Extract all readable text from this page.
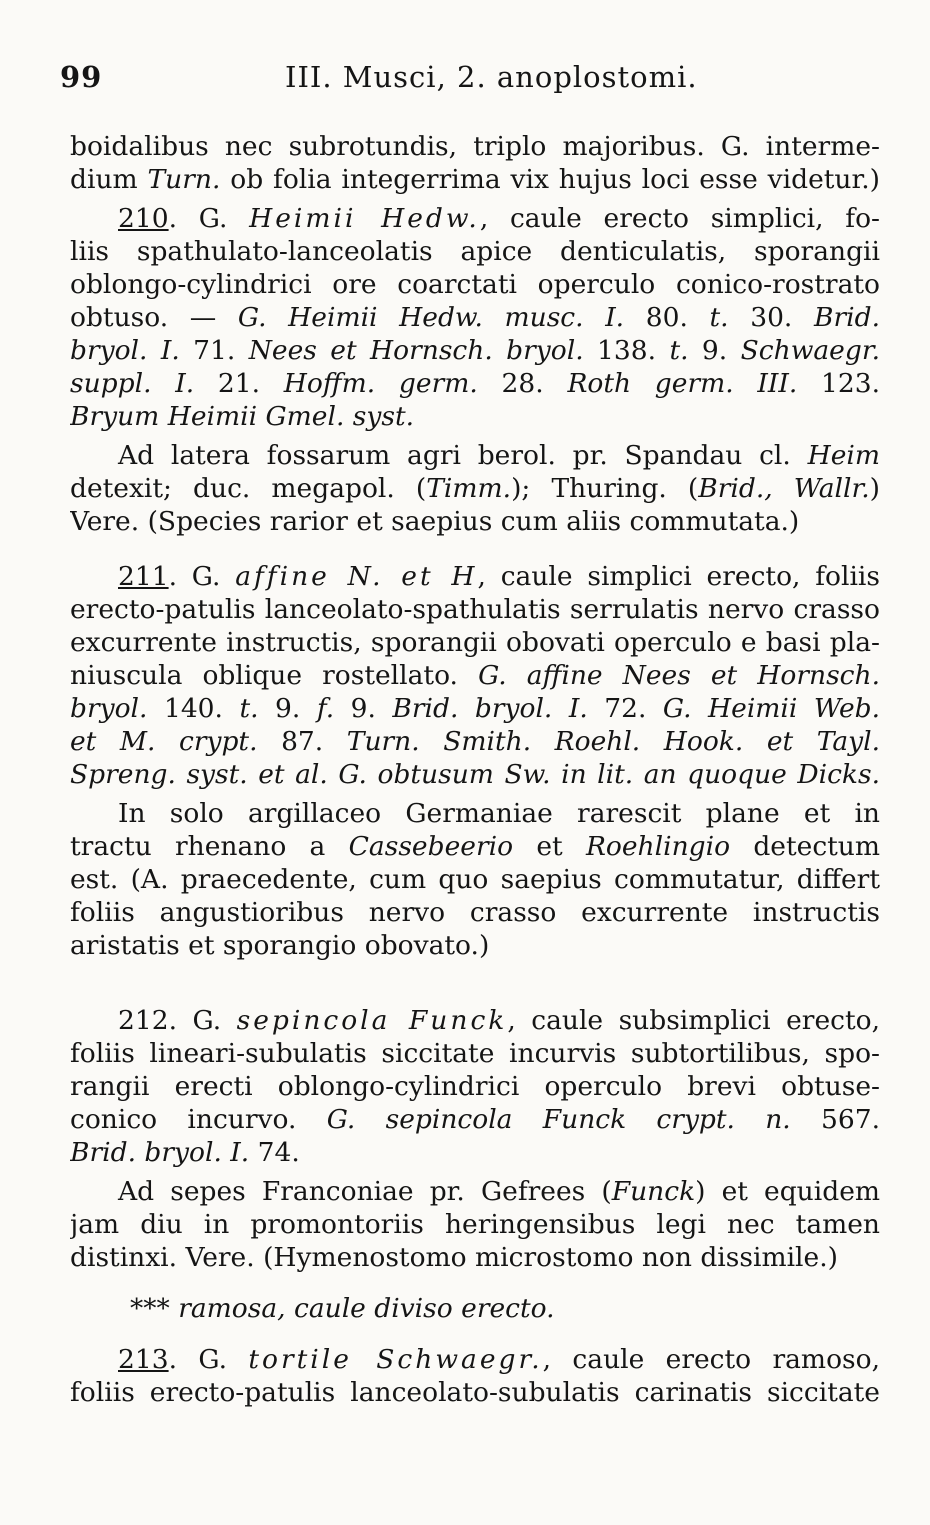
99	III. Musci, 2. anoplostomi.
boidalibus nec subrotundis, triplo majoribus. G. interme-
dium Turn. ob folia integerrima vix hujus loci esse videtur.)
210. G. Heimii Hedw., caule erecto simplici, fo-
liis spathulato-lanceolatis apice denticulatis, sporangii
oblongo-cylindrici ore coarctati operculo conico-rostrato
obtuso. — G. Heimii Hedw. musc. I. 80. t. 30. Brid.
bryol. I. 71. Nees et Hornsch. bryol. 138. t. 9. Schwaegr.
suppl. I. 21. Hoffm. germ. 28. Roth germ. III. 123.
Bryum Heimii Gmel. syst.
Ad latera fossarum agri berol. pr. Spandau cl. Heim
detexit; duc. megapol. (Timm.); Thuring. (Brid., Wallr.)
Vere. (Species rarior et saepius cum aliis commutata.)
211. G. affine N. et H, caule simplici erecto, foliis
erecto-patulis lanceolato-spathulatis serrulatis nervo crasso
excurrente instructis, sporangii obovati operculo e basi pla-
niuscula oblique rostellato. G. affine Nees et Hornsch.
bryol. 140. t. 9. f. 9. Brid. bryol. I. 72. G. Heimii Web.
et M. crypt. 87. Turn. Smith. Roehl. Hook. et Tayl.
Spreng. syst. et al. G. obtusum Sw. in lit. an quoque Dicks.
In solo argillaceo Germaniae rarescit plane et in
tractu rhenano a Cassebeerio et Roehlingio detectum
est. (A. praecedente, cum quo saepius commutatur, differt
foliis angustioribus nervo crasso excurrente instructis
aristatis et sporangio obovato.)
212. G. sepincola Funck, caule subsimplici erecto,
foliis lineari-subulatis siccitate incurvis subtortilibus, spo-
rangii erecti oblongo-cylindrici operculo brevi obtuse-
conico incurvo. G. sepincola Funck crypt. n. 567.
Brid. bryol. I. 74.
Ad sepes Franconiae pr. Gefrees (Funck) et equidem
jam diu in promontoriis heringensibus legi nec tamen
distinxi. Vere. (Hymenostomo microstomo non dissimile.)
*** ramosa, caule diviso erecto.
213. G. tortile Schwaegr., caule erecto ramoso,
foliis erecto-patulis lanceolato-subulatis carinatis siccitate
